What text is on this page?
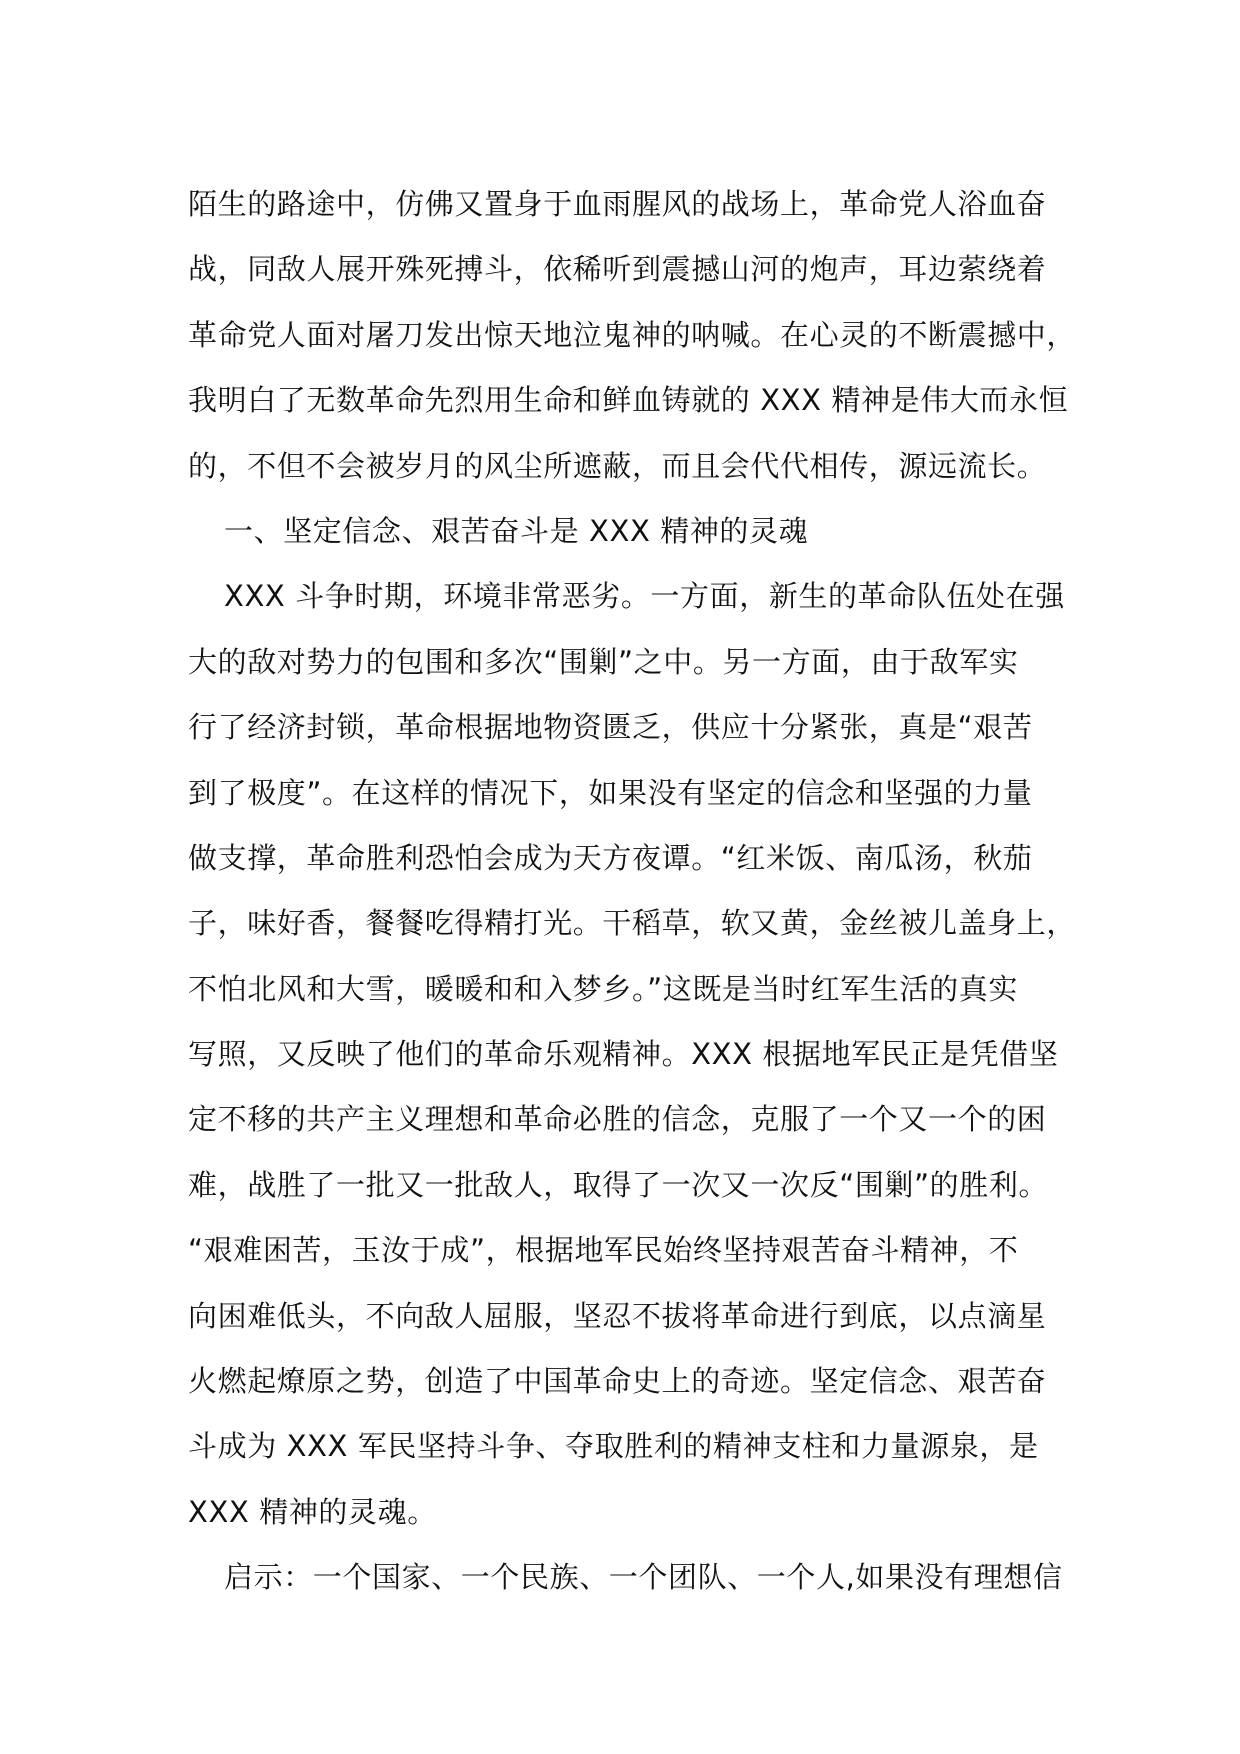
陌生的路途中，仿佛又置身于血雨腥风的战场上，革命党人浴血奋
战，同敌人展开殊死搏斗，依稀听到震撼山河的炮声，耳边萦绕着
革命党人面对屠刀发出惊天地泣鬼神的呐喊。在心灵的不断震撼中，
我明白了无数革命先烈用生命和鲜血铸就的 XXX 精神是伟大而永恒
的，不但不会被岁月的风尘所遮蔽，而且会代代相传，源远流长。
一、坚定信念、艰苦奋斗是 XXX 精神的灵魂
XXX 斗争时期，环境非常恶劣。一方面，新生的革命队伍处在强
大的敌对势力的包围和多次“围剿”之中。另一方面，由于敌军实
行了经济封锁，革命根据地物资匮乏，供应十分紧张，真是“艰苦
到了极度”。在这样的情况下，如果没有坚定的信念和坚强的力量
做支撑，革命胜利恐怕会成为天方夜谭。“红米饭、南瓜汤，秋茄
子，味好香，餐餐吃得精打光。干稻草，软又黄，金丝被儿盖身上，
不怕北风和大雪，暖暖和和入梦乡。”这既是当时红军生活的真实
写照，又反映了他们的革命乐观精神。XXX 根据地军民正是凭借坚
定不移的共产主义理想和革命必胜的信念，克服了一个又一个的困
难，战胜了一批又一批敌人，取得了一次又一次反“围剿”的胜利。
“艰难困苦，玉汝于成”，根据地军民始终坚持艰苦奋斗精神，不
向困难低头，不向敌人屈服，坚忍不拔将革命进行到底，以点滴星
火燃起燎原之势，创造了中国革命史上的奇迹。坚定信念、艰苦奋
斗成为 XXX 军民坚持斗争、夺取胜利的精神支柱和力量源泉，是
XXX 精神的灵魂。
启示：一个国家、一个民族、一个团队、一个人,如果没有理想信
